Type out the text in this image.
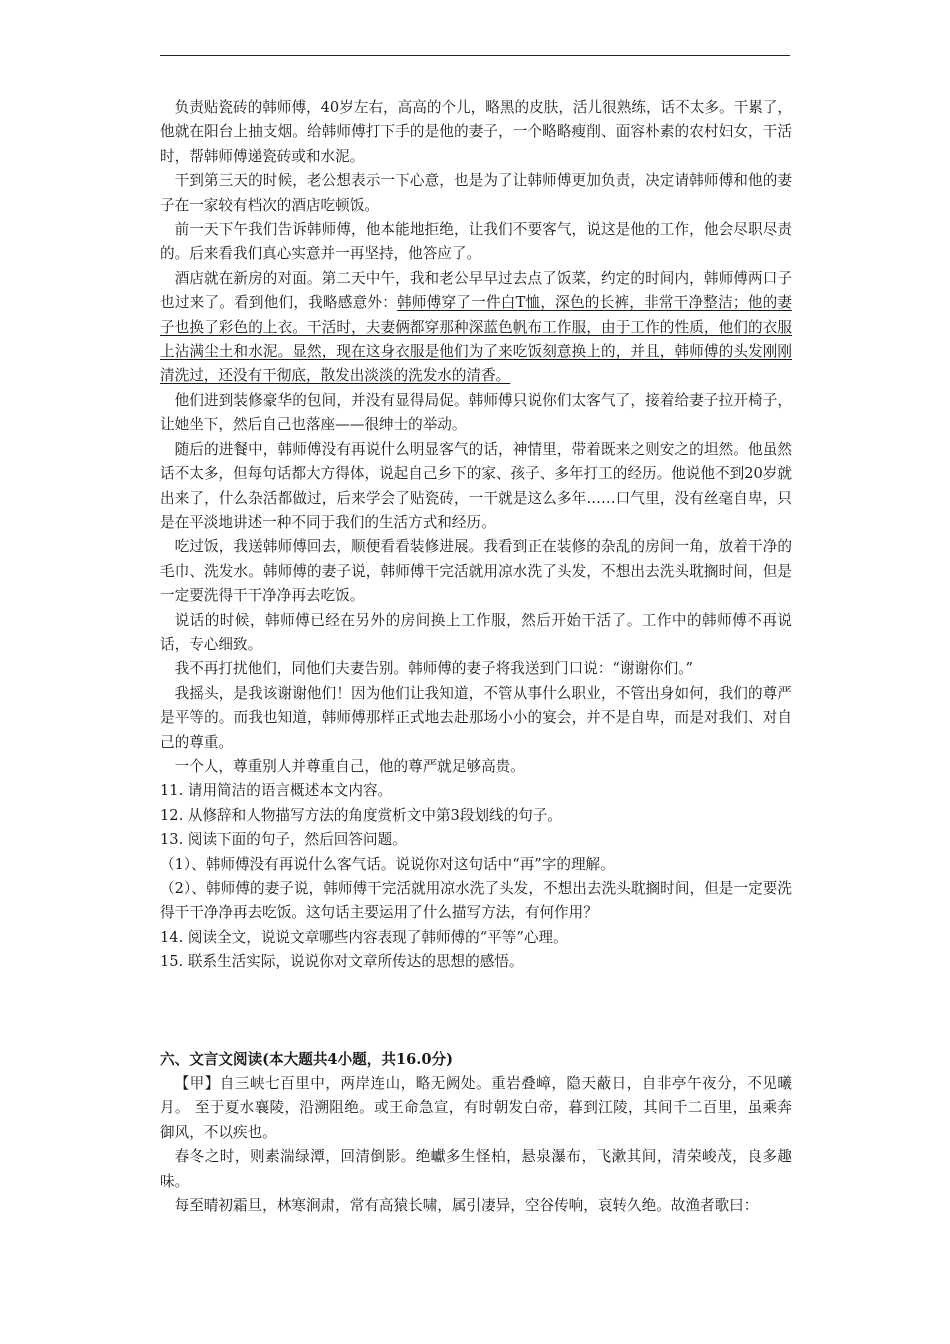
负责贴瓷砖的韩师傅，40岁左右，高高的个儿，略黑的皮肤，活儿很熟练，话不太多。干累了，他就在阳台上抽支烟。给韩师傅打下手的是他的妻子，一个略略瘦削、面容朴素的农村妇女，干活时，帮韩师傅递瓷砖或和水泥。

干到第三天的时候，老公想表示一下心意，也是为了让韩师傅更加负责，决定请韩师傅和他的妻子在一家较有档次的酒店吃顿饭。

前一天下午我们告诉韩师傅，他本能地拒绝，让我们不要客气，说这是他的工作，他会尽职尽责的。后来看我们真心实意并一再坚持，他答应了。

酒店就在新房的对面。第二天中午，我和老公早早过去点了饭菜，约定的时间内，韩师傅两口子也过来了。看到他们，我略感意外：韩师傅穿了一件白T恤，深色的长裤，非常干净整洁；他的妻子也换了彩色的上衣。干活时，夫妻俩都穿那种深蓝色帆布工作服，由于工作的性质，他们的衣服上沾满尘土和水泥。显然，现在这身衣服是他们为了来吃饭刻意换上的，并且，韩师傅的头发刚刚清洗过，还没有干彻底，散发出淡淡的洗发水的清香。

他们进到装修豪华的包间，并没有显得局促。韩师傅只说你们太客气了，接着给妻子拉开椅子，让她坐下，然后自己也落座——很绅士的举动。

随后的进餐中，韩师傅没有再说什么明显客气的话，神情里，带着既来之则安之的坦然。他虽然话不太多，但每句话都大方得体，说起自己乡下的家、孩子、多年打工的经历。他说他不到20岁就出来了，什么杂活都做过，后来学会了贴瓷砖，一干就是这么多年……口气里，没有丝毫自卑，只是在平淡地讲述一种不同于我们的生活方式和经历。

吃过饭，我送韩师傅回去，顺便看看装修进展。我看到正在装修的杂乱的房间一角，放着干净的毛巾、洗发水。韩师傅的妻子说，韩师傅干完活就用凉水洗了头发，不想出去洗头耽搁时间，但是一定要洗得干干净净再去吃饭。

说话的时候，韩师傅已经在另外的房间换上工作服，然后开始干活了。工作中的韩师傅不再说话，专心细致。

我不再打扰他们，同他们夫妻告别。韩师傅的妻子将我送到门口说：“谢谢你们。”

我摇头，是我该谢谢他们！因为他们让我知道，不管从事什么职业，不管出身如何，我们的尊严是平等的。而我也知道，韩师傅那样正式地去赴那场小小的宴会，并不是自卑，而是对我们、对自己的尊重。

一个人，尊重别人并尊重自己，他的尊严就足够高贵。

11. 请用简洁的语言概述本文内容。

12. 从修辞和人物描写方法的角度赏析文中第3段划线的句子。

13. 阅读下面的句子，然后回答问题。

（1）、韩师傅没有再说什么客气话。说说你对这句话中“再”字的理解。

（2）、韩师傅的妻子说，韩师傅干完活就用凉水洗了头发，不想出去洗头耽搁时间，但是一定要洗得干干净净再去吃饭。这句话主要运用了什么描写方法，有何作用？

14. 阅读全文，说说文章哪些内容表现了韩师傅的“平等”心理。

15. 联系生活实际，说说你对文章所传达的思想的感悟。

六、文言文阅读(本大题共4小题，共16.0分)

【甲】自三峡七百里中，两岸连山，略无阙处。重岩叠嶂，隐天蔽日，自非亭午夜分，不见曦月。 至于夏水襄陵，沿溯阻绝。或王命急宣，有时朝发白帝，暮到江陵，其间千二百里，虽乘奔御风，不以疾也。

春冬之时，则素湍绿潭，回清倒影。绝巘多生怪柏，悬泉瀑布，飞漱其间，清荣峻茂，良多趣味。

每至晴初霜旦，林寒涧肃，常有高猿长啸，属引凄异，空谷传响，哀转久绝。故渔者歌曰：
